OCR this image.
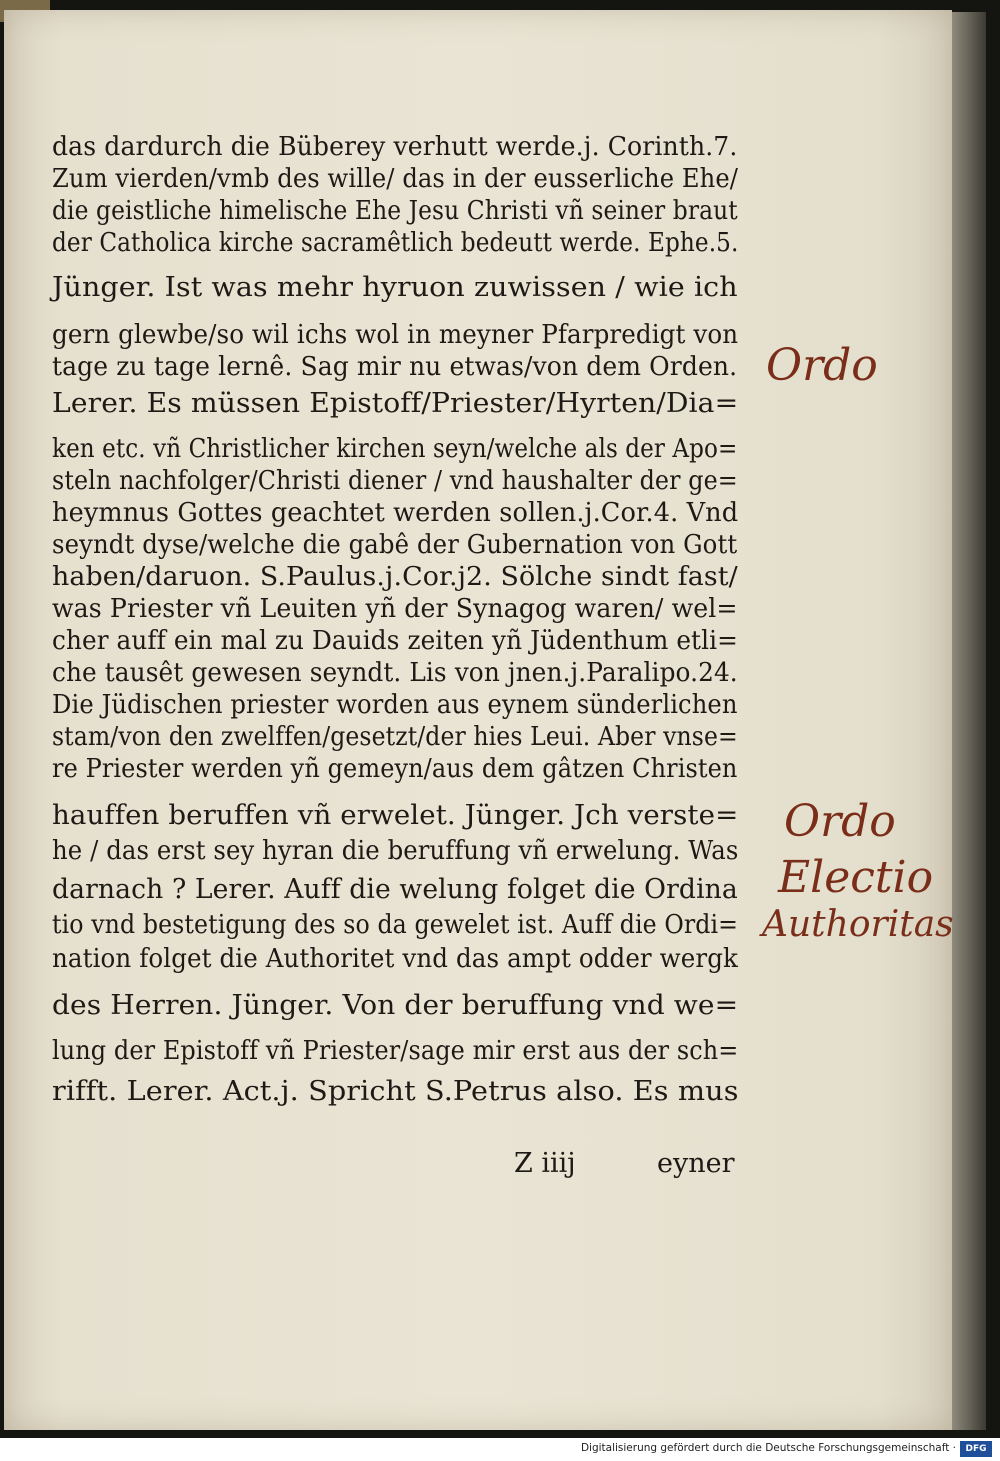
das dardurch die Büberey verhutt werde.j. Corinth.7.
Zum vierden/vmb des wille/ das in der eusserliche Ehe/
die geistliche himelische Ehe Jesu Christi vñ seiner braut
der Catholica kirche sacramêtlich bedeutt werde. Ephe.5.
Jünger. Ist was mehr hyruon zuwissen / wie ich
gern glewbe/so wil ichs wol in meyner Pfarpredigt von
tage zu tage lernê. Sag mir nu etwas/von dem Orden.
Lerer. Es müssen Epistoff/Priester/Hyrten/Dia=
ken etc. vñ Christlicher kirchen seyn/welche als der Apo=
steln nachfolger/Christi diener / vnd haushalter der ge=
heymnus Gottes geachtet werden sollen.j.Cor.4. Vnd
seyndt dyse/welche die gabê der Gubernation von Gott
haben/daruon. S.Paulus.j.Cor.j2. Sölche sindt fast/
was Priester vñ Leuiten yñ der Synagog waren/ wel=
cher auff ein mal zu Dauids zeiten yñ Jüdenthum etli=
che tausêt gewesen seyndt. Lis von jnen.j.Paralipo.24.
Die Jüdischen priester worden aus eynem sünderlichen
stam/von den zwelffen/gesetzt/der hies Leui. Aber vnse=
re Priester werden yñ gemeyn/aus dem gâtzen Christen
hauffen beruffen vñ erwelet. Jünger. Jch verste=
he / das erst sey hyran die beruffung vñ erwelung. Was
darnach ? Lerer. Auff die welung folget die Ordina
tio vnd bestetigung des so da gewelet ist. Auff die Ordi=
nation folget die Authoritet vnd das ampt odder wergk
des Herren. Jünger. Von der beruffung vnd we=
lung der Epistoff vñ Priester/sage mir erst aus der sch=
rifft. Lerer. Act.j. Spricht S.Petrus also. Es mus
Z iiij	eyner
Ordo
Ordo
Electio
Authoritas
Digitalisierung gefördert durch die Deutsche Forschungsgemeinschaft ·	DFG
